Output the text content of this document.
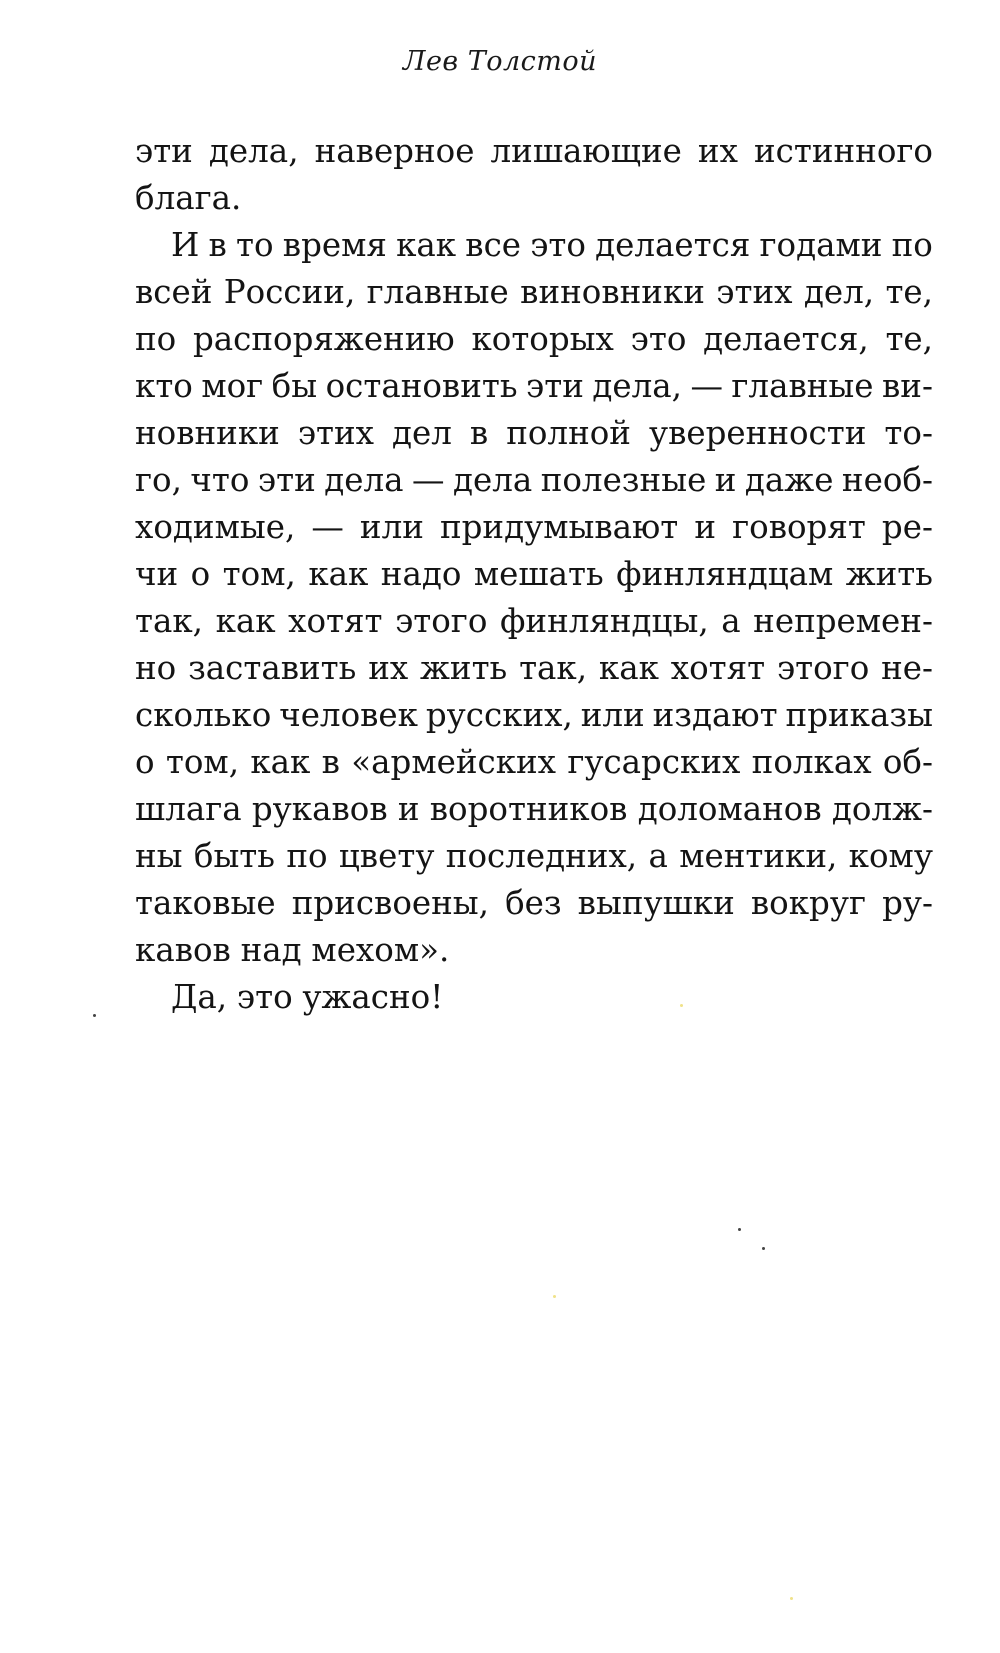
Лев Толстой
эти дела, наверное лишающие их истинного
блага.
И в то время как все это делается годами по
всей России, главные виновники этих дел, те,
по распоряжению которых это делается, те,
кто мог бы остановить эти дела, — главные ви-
новники этих дел в полной уверенности то-
го, что эти дела — дела полезные и даже необ-
ходимые, — или придумывают и говорят ре-
чи о том, как надо мешать финляндцам жить
так, как хотят этого финляндцы, а непремен-
но заставить их жить так, как хотят этого не-
сколько человек русских, или издают приказы
о том, как в «армейских гусарских полках об-
шлага рукавов и воротников доломанов долж-
ны быть по цвету последних, а ментики, кому
таковые присвоены, без выпушки вокруг ру-
кавов над мехом».
Да, это ужасно!
